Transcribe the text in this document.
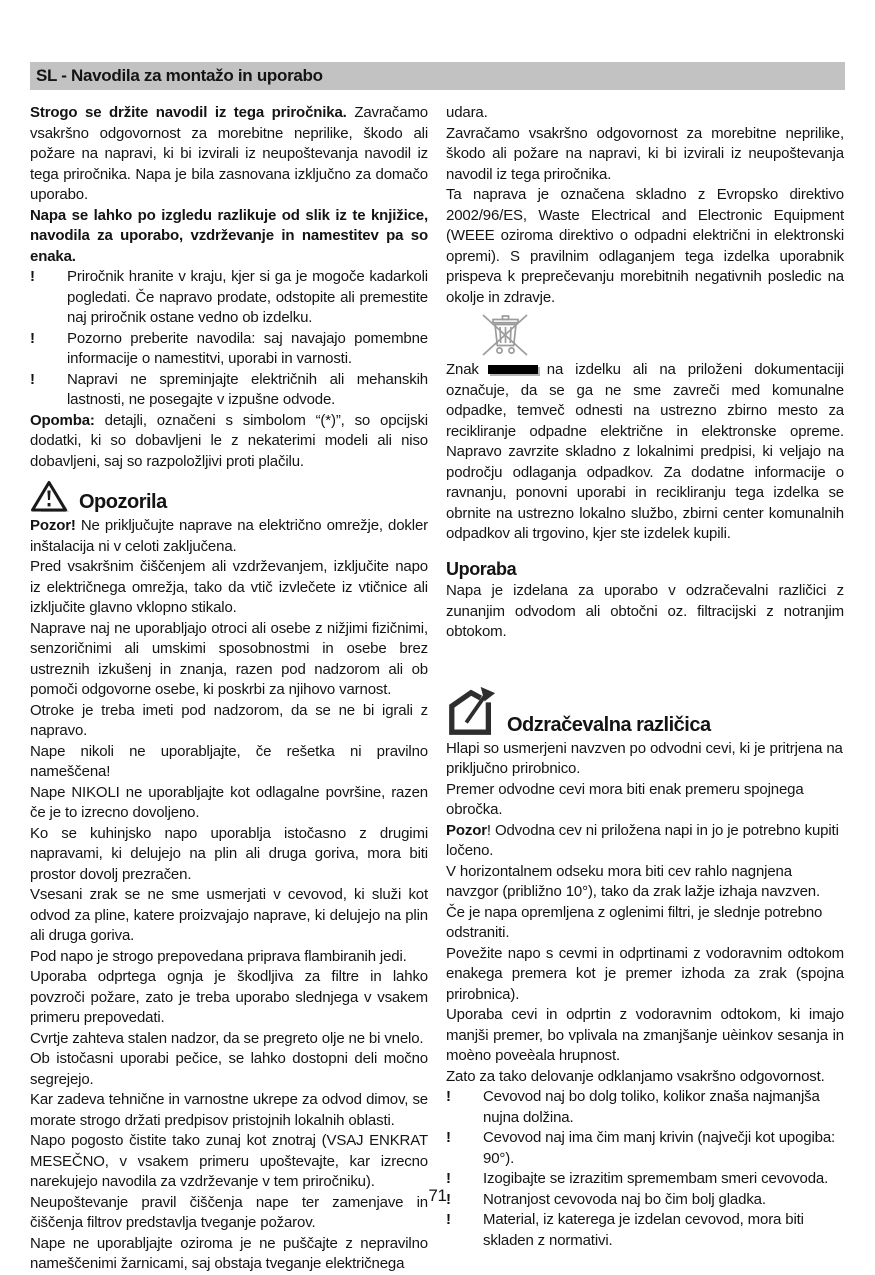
SL - Navodila za montažo in uporabo

Strogo se držite navodil iz tega priročnika. Zavračamo vsakršno odgovornost za morebitne neprilike, škodo ali požare na napravi, ki bi izvirali iz neupoštevanja navodil iz tega priročnika. Napa je bila zasnovana izključno za domačo uporabo.

Napa se lahko po izgledu razlikuje od slik iz te knjižice, navodila za uporabo, vzdrževanje in namestitev pa so enaka.

!	Priročnik hranite v kraju, kjer si ga je mogoče kadarkoli pogledati. Če napravo prodate, odstopite ali premestite naj priročnik ostane vedno ob izdelku.
!	Pozorno preberite navodila: saj navajajo pomembne informacije o namestitvi, uporabi in varnosti.
!	Napravi ne spreminjajte električnih ali mehanskih lastnosti, ne posegajte v izpušne odvode.

Opomba: detajli, označeni s simbolom “(*)”, so opcijski dodatki, ki so dobavljeni le z nekaterimi modeli ali niso dobavljeni, saj so razpoložljivi proti plačilu.

Opozorila

Pozor! Ne priključujte naprave na električno omrežje, dokler inštalacija ni v celoti zaključena.

Pred vsakršnim čiščenjem ali vzdrževanjem, izključite napo iz električnega omrežja, tako da vtič izvlečete iz vtičnice ali izključite glavno vklopno stikalo.

Naprave naj ne uporabljajo otroci ali osebe z nižjimi fizičnimi, senzoričnimi ali umskimi sposobnostmi in osebe brez ustreznih izkušenj in znanja, razen pod nadzorom ali ob pomoči odgovorne osebe, ki poskrbi za njihovo varnost.

Otroke je treba imeti pod nadzorom, da se ne bi igrali z napravo.

Nape nikoli ne uporabljajte, če rešetka ni pravilno nameščena!

Nape NIKOLI ne uporabljajte kot odlagalne površine, razen če je to izrecno dovoljeno.

Ko se kuhinjsko napo uporablja istočasno z drugimi napravami, ki delujejo na plin ali druga goriva, mora biti prostor dovolj prezračen.

Vsesani zrak se ne sme usmerjati v cevovod, ki služi kot odvod za pline, katere proizvajajo naprave, ki delujejo na plin ali druga goriva.

Pod napo je strogo prepovedana priprava flambiranih jedi.

Uporaba odprtega ognja je škodljiva za filtre in lahko povzroči požare, zato je treba uporabo slednjega v vsakem primeru prepovedati.

Cvrtje zahteva stalen nadzor, da se pregreto olje ne bi vnelo.

Ob istočasni uporabi pečice, se lahko dostopni deli močno segrejejo.

Kar zadeva tehnične in varnostne ukrepe za odvod dimov, se morate strogo držati predpisov pristojnih lokalnih oblasti.

Napo pogosto čistite tako zunaj kot znotraj (VSAJ ENKRAT MESEČNO, v vsakem primeru upoštevajte, kar izrecno narekujejo navodila za vzdrževanje v tem priročniku).

Neupoštevanje pravil čiščenja nape ter zamenjave in čiščenja filtrov predstavlja tveganje požarov.

Nape ne uporabljajte oziroma je ne puščajte z nepravilno nameščenimi žarnicami, saj obstaja tveganje električnega

udara.

Zavračamo vsakršno odgovornost za morebitne neprilike, škodo ali požare na napravi, ki bi izvirali iz neupoštevanja navodil iz tega priročnika.

Ta naprava je označena skladno z Evropsko direktivo 2002/96/ES, Waste Electrical and Electronic Equipment (WEEE oziroma direktivo o odpadni električni in elektronski opremi). S pravilnim odlaganjem tega izdelka uporabnik prispeva k preprečevanju morebitnih negativnih posledic na okolje in zdravje.

Znak	na izdelku ali na priloženi dokumentaciji označuje, da se ga ne sme zavreči med komunalne odpadke, temveč odnesti na ustrezno zbirno mesto za recikliranje odpadne električne in elektronske opreme. Napravo zavrzite skladno z lokalnimi predpisi, ki veljajo na področju odlaganja odpadkov. Za dodatne informacije o ravnanju, ponovni uporabi in recikliranju tega izdelka se obrnite na ustrezno lokalno službo, zbirni center komunalnih odpadkov ali trgovino, kjer ste izdelek kupili.

Uporaba

Napa je izdelana za uporabo v odzračevalni različici z zunanjim odvodom ali obtočni oz. filtracijski z notranjim obtokom.

Odzračevalna različica

Hlapi so usmerjeni navzven po odvodni cevi, ki je pritrjena na priključno prirobnico.

Premer odvodne cevi mora biti enak premeru spojnega obročka.

Pozor! Odvodna cev ni priložena napi in jo je potrebno kupiti ločeno.

V horizontalnem odseku mora biti cev rahlo nagnjena navzgor (približno 10°), tako da zrak lažje izhaja navzven.

Če je napa opremljena z oglenimi filtri, je slednje potrebno odstraniti.

Povežite napo s cevmi in odprtinami z vodoravnim odtokom enakega premera kot je premer izhoda za zrak (spojna prirobnica).

Uporaba cevi in odprtin z vodoravnim odtokom, ki imajo manjši premer, bo vplivala na zmanjšanje uèinkov sesanja in moèno poveèala hrupnost.

Zato za tako delovanje odklanjamo vsakršno odgovornost.

!	Cevovod naj bo dolg toliko, kolikor znaša najmanjša nujna dolžina.
!	Cevovod naj ima čim manj krivin (največji kot upogiba: 90°).
!	Izogibajte se izrazitim spremembam smeri cevovoda.
!	Notranjost cevovoda naj bo čim bolj gladka.
!	Material, iz katerega je izdelan cevovod, mora biti skladen z normativi.
71
